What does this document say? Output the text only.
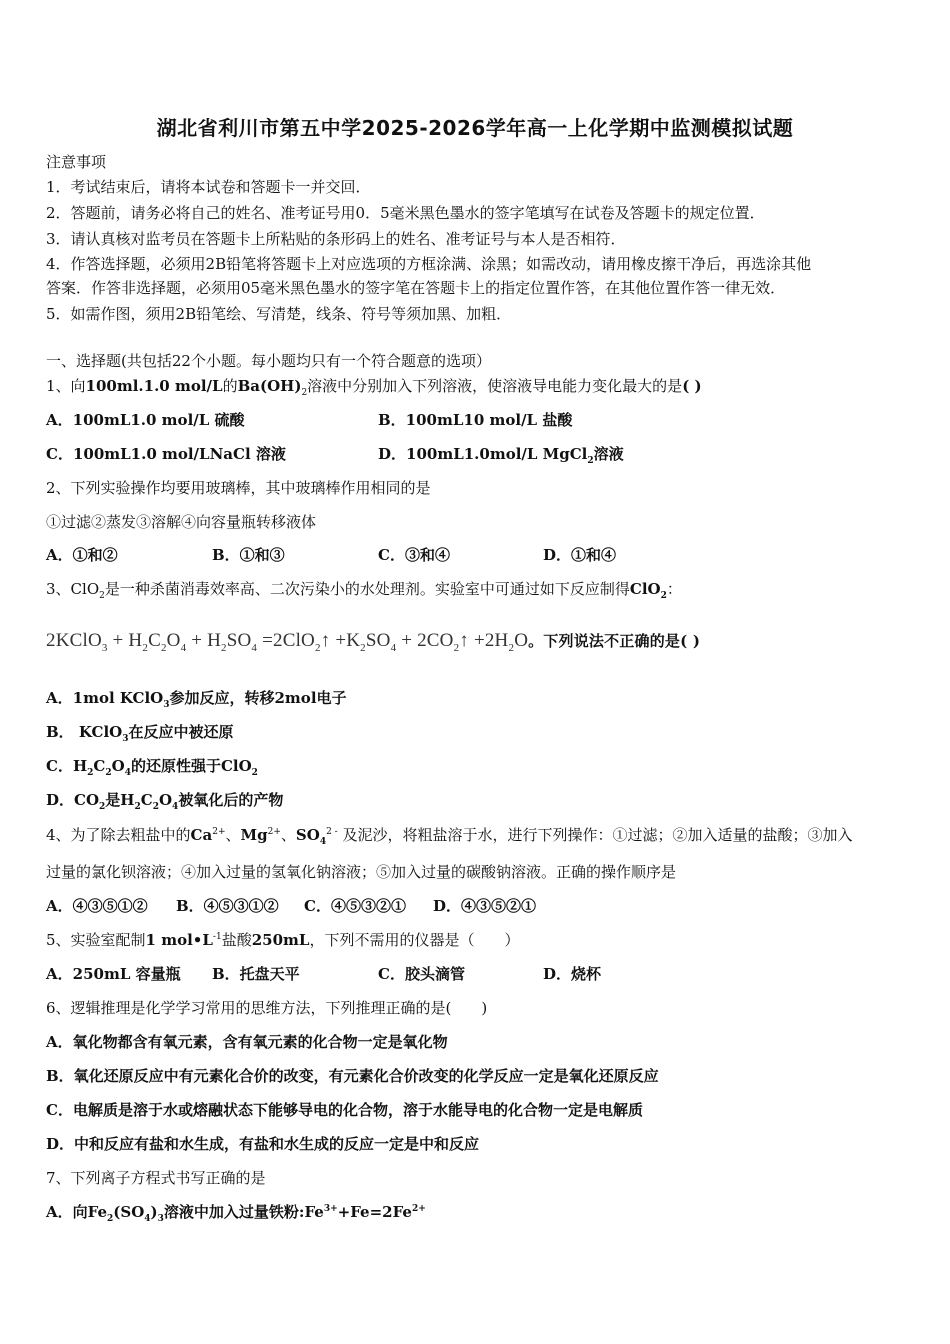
湖北省利川市第五中学2025-2026学年高一上化学期中监测模拟试题
注意事项
1．考试结束后，请将本试卷和答题卡一并交回．
2．答题前，请务必将自己的姓名、准考证号用0．5毫米黑色墨水的签字笔填写在试卷及答题卡的规定位置．
3．请认真核对监考员在答题卡上所粘贴的条形码上的姓名、准考证号与本人是否相符．
4．作答选择题，必须用2B铅笔将答题卡上对应选项的方框涂满、涂黑；如需改动，请用橡皮擦干净后，再选涂其他
答案．作答非选择题，必须用05毫米黑色墨水的签字笔在答题卡上的指定位置作答，在其他位置作答一律无效．
5．如需作图，须用2B铅笔绘、写清楚，线条、符号等须加黑、加粗．
一、选择题(共包括22个小题。每小题均只有一个符合题意的选项）
1、向100ml.1.0 mol/L的$Ba(OH)_2$溶液中分别加入下列溶液，使溶液导电能力变化最大的是( )
A．100mL1.0 mol/L 硫酸	B．100mL10 mol/L 盐酸
C．100mL1.0 mol/LNaCl 溶液	D．100mL1.0mol/L MgCl$_2$溶液
2、下列实验操作均要用玻璃棒，其中玻璃棒作用相同的是
①过滤②蒸发③溶解④向容量瓶转移液体
A．①和②	B．①和③	C．③和④	D．①和④
3、ClO$_2$是一种杀菌消毒效率高、二次污染小的水处理剂。实验室中可通过如下反应制得ClO$_2$：
2KClO$_3$ + $H_2C_2O_4 + H_2SO_4$ =2ClO$_2$↑ $+K_2SO_4$ + $2CO_2↑ +2H_2O$。下列说法不正确的是( )
A．1mol KClO$_3$参加反应，转移2mol电子
B． KClO$_3$在反应中被还原
C．$H_2C_2O_4$的还原性强于ClO$_2$
D．$CO_2$是$H_2C_2O_4$被氧化后的产物
4、为了除去粗盐中的$Ca^{2+}$、$Mg^{2+}$、$SO_4^{2 -}$ 及泥沙，将粗盐溶于水，进行下列操作：①过滤；②加入适量的盐酸；③加入
过量的氯化钡溶液；④加入过量的氢氧化钠溶液；⑤加入过量的碳酸钠溶液。正确的操作顺序是
A．④③⑤①② B．④⑤③①② C．④⑤③②① D．④③⑤②①
5、实验室配制1 $mol•L^{-1}$盐酸250mL，下列不需用的仪器是（　　）
A．250mL 容量瓶 B．托盘天平	C．胶头滴管	D．烧杯
6、逻辑推理是化学学习常用的思维方法，下列推理正确的是(　　)
A．氧化物都含有氧元素，含有氧元素的化合物一定是氧化物
B．氧化还原反应中有元素化合价的改变，有元素化合价改变的化学反应一定是氧化还原反应
C．电解质是溶于水或熔融状态下能够导电的化合物，溶于水能导电的化合物一定是电解质
D．中和反应有盐和水生成，有盐和水生成的反应一定是中和反应
7、下列离子方程式书写正确的是
A．向$Fe_2(SO_4)_3$溶液中加入过量铁粉$:Fe^{3+}+Fe=2Fe^{2+}$
